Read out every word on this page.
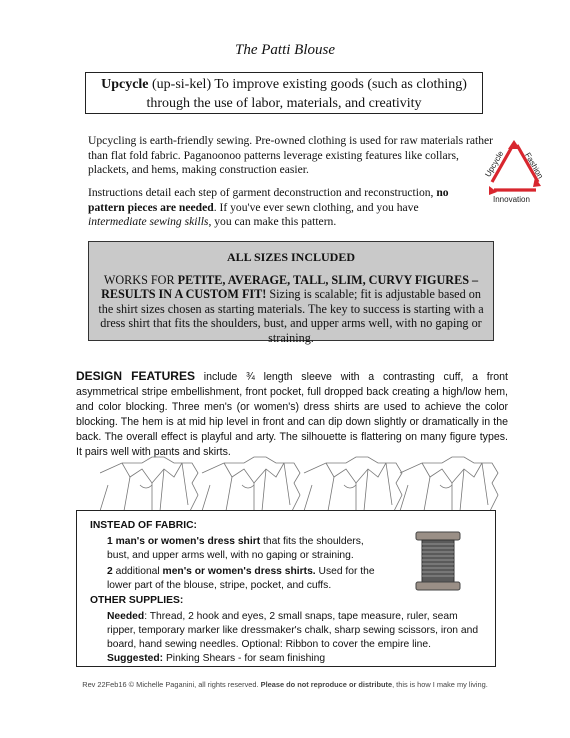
The Patti Blouse
Upcycle (up-si-kel) To improve existing goods (such as clothing)
through the use of labor, materials, and creativity
Upcycling is earth-friendly sewing. Pre-owned clothing is used for raw materials rather than flat fold fabric. Paganoonoo patterns leverage existing features like collars, plackets, and hems, making construction easier.
Instructions detail each step of garment deconstruction and reconstruction, no pattern pieces are needed. If you've ever sewn clothing, and you have intermediate sewing skills, you can make this pattern.
Upcycle Fashion
Innovation
ALL SIZES INCLUDED
WORKS FOR PETITE, AVERAGE, TALL, SLIM, CURVY FIGURES – RESULTS IN A CUSTOM FIT! Sizing is scalable; fit is adjustable based on the shirt sizes chosen as starting materials. The key to success is starting with a dress shirt that fits the shoulders, bust, and upper arms well, with no gaping or straining.
DESIGN FEATURES include ¾ length sleeve with a contrasting cuff, a front asymmetrical stripe embellishment, front pocket, full dropped back creating a high/low hem, and color blocking. Three men's (or women's) dress shirts are used to achieve the color blocking. The hem is at mid hip level in front and can dip down slightly or dramatically in the back. The overall effect is playful and arty. The silhouette is flattering on many figure types. It pairs well with pants and skirts.
INSTEAD OF FABRIC:
1 man's or women's dress shirt that fits the shoulders, bust, and upper arms well, with no gaping or straining.
2 additional men's or women's dress shirts. Used for the lower part of the blouse, stripe, pocket, and cuffs.
OTHER SUPPLIES:
Needed: Thread, 2 hook and eyes, 2 small snaps, tape measure, ruler, seam ripper, temporary marker like dressmaker's chalk, sharp sewing scissors, iron and board, hand sewing needles. Optional: Ribbon to cover the empire line. Suggested: Pinking Shears - for seam finishing
Rev 22Feb16 © Michelle Paganini, all rights reserved. Please do not reproduce or distribute, this is how I make my living.
